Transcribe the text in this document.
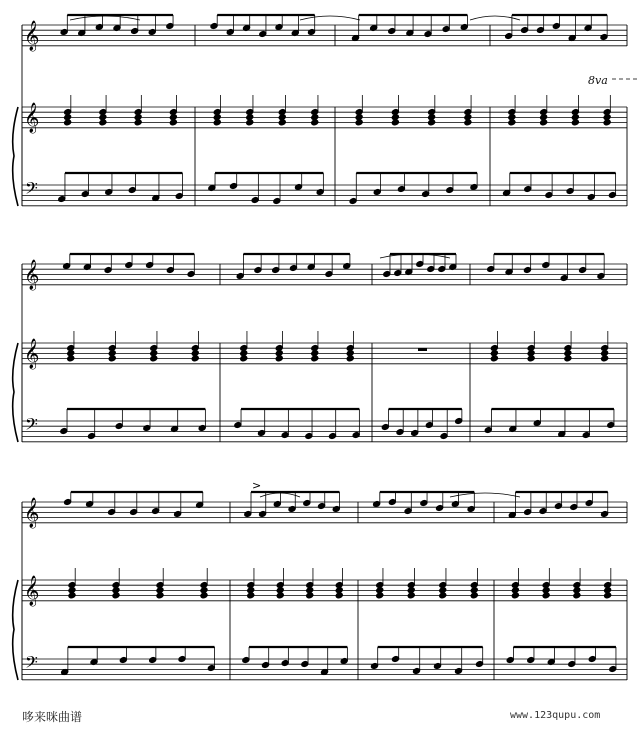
𝄞
𝄞
𝄢
𝄞
𝄞
𝄢
𝄞
𝄞
𝄢
>
8va
哆来咪曲谱	www.123qupu.com
